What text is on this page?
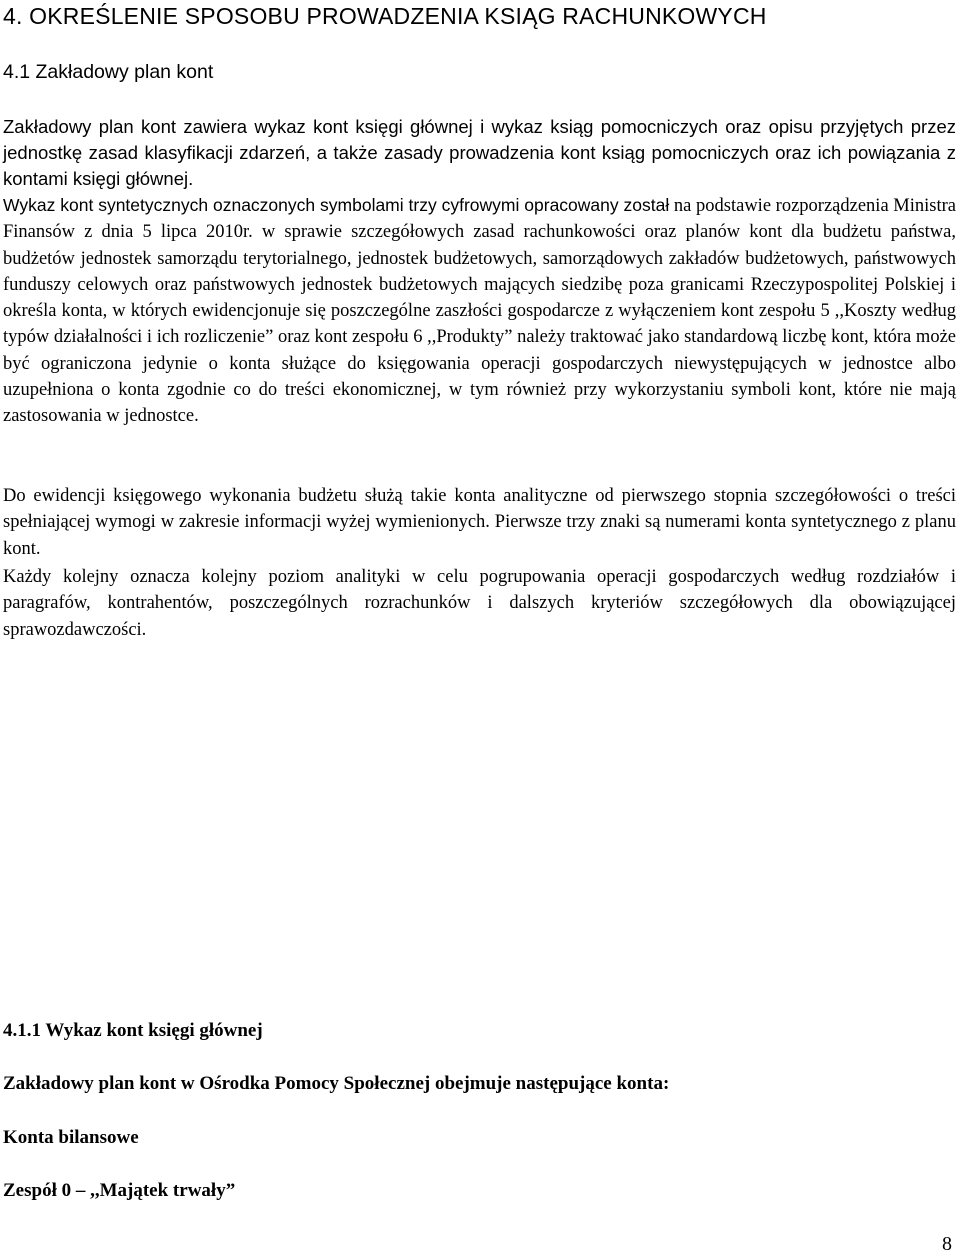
4. OKREŚLENIE SPOSOBU PROWADZENIA KSIĄG RACHUNKOWYCH
4.1 Zakładowy plan kont

Zakładowy plan kont zawiera wykaz kont księgi głównej i wykaz ksiąg pomocniczych oraz opisu przyjętych przez jednostkę zasad klasyfikacji zdarzeń, a także zasady prowadzenia kont ksiąg pomocniczych oraz ich powiązania z kontami księgi głównej.

Wykaz kont syntetycznych oznaczonych symbolami trzy cyfrowymi opracowany został na podstawie rozporządzenia Ministra Finansów z dnia 5 lipca 2010r. w sprawie szczegółowych zasad rachunkowości oraz planów kont dla budżetu państwa, budżetów jednostek samorządu terytorialnego, jednostek budżetowych, samorządowych zakładów budżetowych, państwowych funduszy celowych oraz państwowych jednostek budżetowych mających siedzibę poza granicami Rzeczypospolitej Polskiej i określa konta, w których ewidencjonuje się poszczególne zaszłości gospodarcze z wyłączeniem kont zespołu 5 ,,Koszty według typów działalności i ich rozliczenie” oraz kont zespołu 6 ,,Produkty” należy traktować jako standardową liczbę kont, która może być ograniczona jedynie o konta służące do księgowania operacji gospodarczych niewystępujących w jednostce albo uzupełniona o konta zgodnie co do treści ekonomicznej, w tym również przy wykorzystaniu symboli kont, które nie mają zastosowania w jednostce.

Do ewidencji księgowego wykonania budżetu służą takie konta analityczne od pierwszego stopnia szczegółowości o treści spełniającej wymogi w zakresie informacji wyżej wymienionych. Pierwsze trzy znaki są numerami konta syntetycznego z planu kont.

Każdy kolejny oznacza kolejny poziom analityki w celu pogrupowania operacji gospodarczych według rozdziałów i paragrafów, kontrahentów, poszczególnych rozrachunków i dalszych kryteriów szczegółowych dla obowiązującej sprawozdawczości.

4.1.1 Wykaz kont księgi głównej

Zakładowy plan kont w Ośrodka Pomocy Społecznej obejmuje następujące konta:

Konta bilansowe

Zespół 0 – ,,Majątek trwały”

8
